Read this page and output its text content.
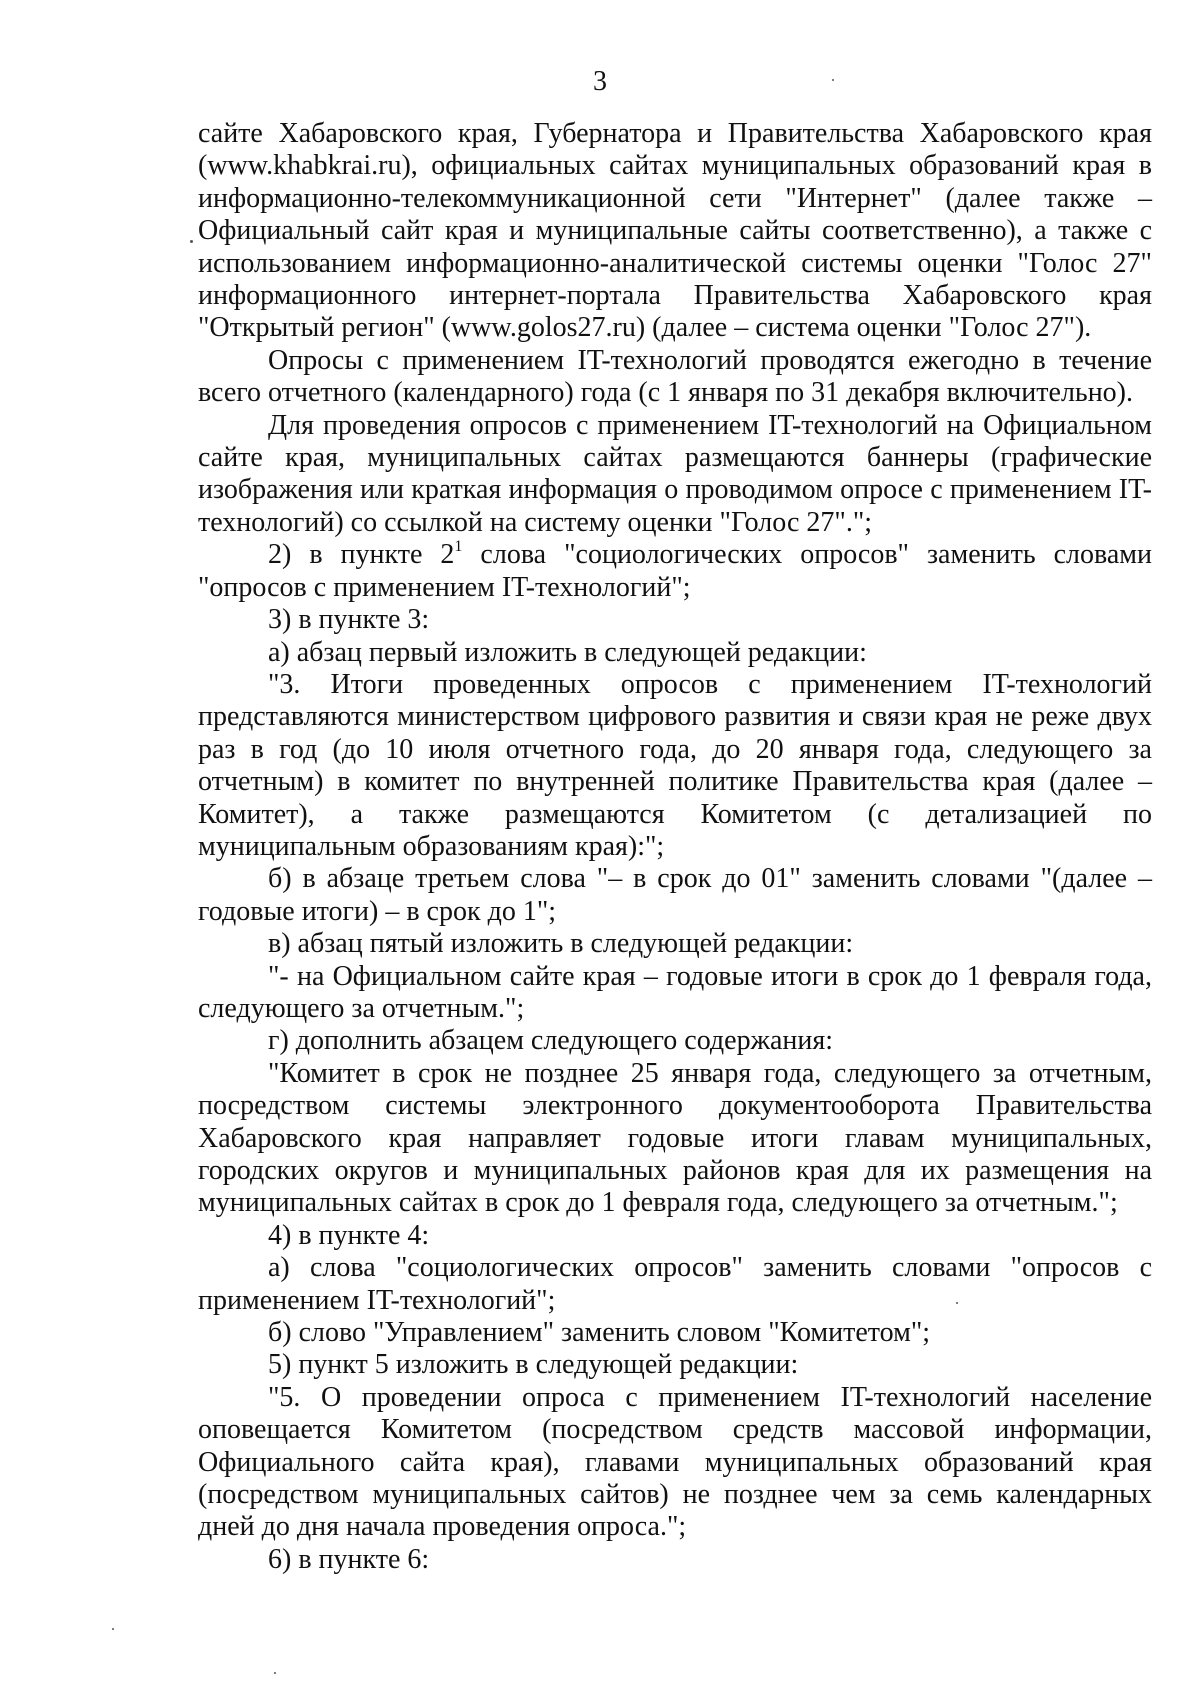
3

сайте Хабаровского края, Губернатора и Правительства Хабаровского края (www.khabkrai.ru), официальных сайтах муниципальных образований края в информационно-телекоммуникационной сети "Интернет" (далее также – Официальный сайт края и муниципальные сайты соответственно), а также с использованием информационно-аналитической системы оценки "Голос 27" информационного интернет-портала Правительства Хабаровского края "Открытый регион" (www.golos27.ru) (далее – система оценки "Голос 27").

Опросы с применением IT-технологий проводятся ежегодно в течение всего отчетного (календарного) года (с 1 января по 31 декабря включительно).

Для проведения опросов с применением IT-технологий на Официальном сайте края, муниципальных сайтах размещаются баннеры (графические изображения или краткая информация о проводимом опросе с применением IT-технологий) со ссылкой на систему оценки "Голос 27".";

2) в пункте $2^1$ слова "социологических опросов" заменить словами "опросов с применением IT-технологий";

3) в пункте 3:

а) абзац первый изложить в следующей редакции:

"3. Итоги проведенных опросов с применением IT-технологий представляются министерством цифрового развития и связи края не реже двух раз в год (до 10 июля отчетного года, до 20 января года, следующего за отчетным) в комитет по внутренней политике Правительства края (далее – Комитет), а также размещаются Комитетом (с детализацией по муниципальным образованиям края):";

б) в абзаце третьем слова "– в срок до 01" заменить словами "(далее – годовые итоги) – в срок до 1";

в) абзац пятый изложить в следующей редакции:

"- на Официальном сайте края – годовые итоги в срок до 1 февраля года, следующего за отчетным.";

г) дополнить абзацем следующего содержания:

"Комитет в срок не позднее 25 января года, следующего за отчетным, посредством системы электронного документооборота Правительства Хабаровского края направляет годовые итоги главам муниципальных, городских округов и муниципальных районов края для их размещения на муниципальных сайтах в срок до 1 февраля года, следующего за отчетным.";

4) в пункте 4:

а) слова "социологических опросов" заменить словами "опросов с применением IT-технологий";

б) слово "Управлением" заменить словом "Комитетом";

5) пункт 5 изложить в следующей редакции:

"5. О проведении опроса с применением IT-технологий население оповещается Комитетом (посредством средств массовой информации, Официального сайта края), главами муниципальных образований края (посредством муниципальных сайтов) не позднее чем за семь календарных дней до дня начала проведения опроса.";

6) в пункте 6:
